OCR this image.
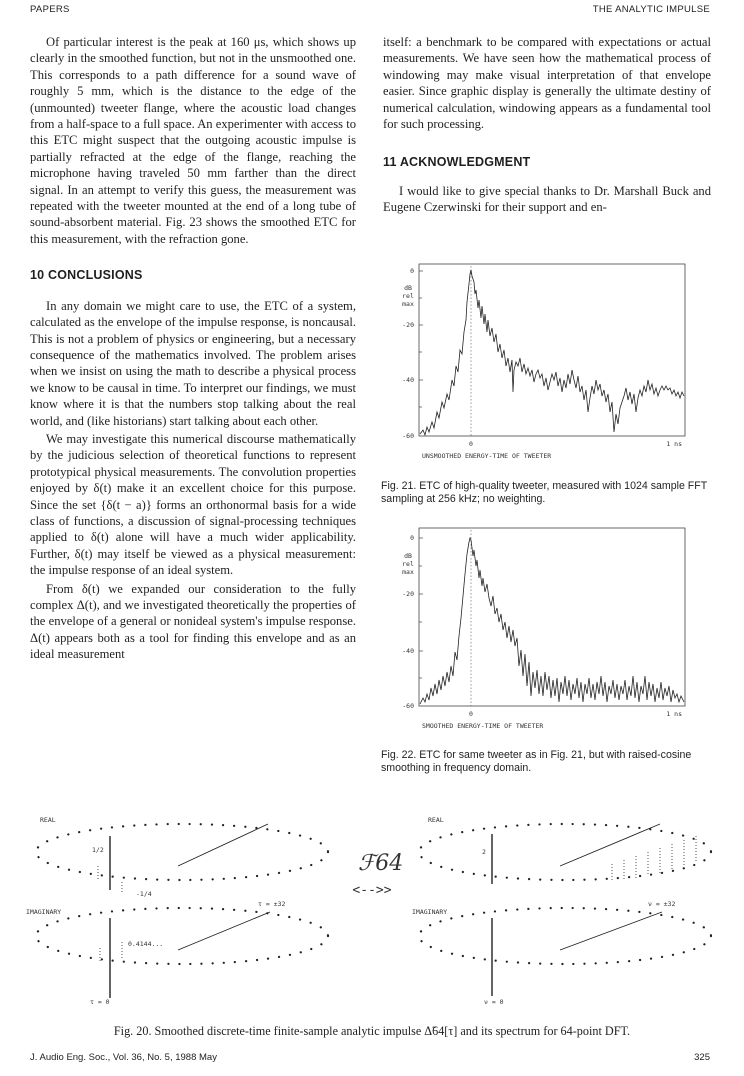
PAPERS	THE ANALYTIC IMPULSE

Of particular interest is the peak at 160 μs, which shows up clearly in the smoothed function, but not in the unsmoothed one. This corresponds to a path difference for a sound wave of roughly 5 mm, which is the distance to the edge of the (unmounted) tweeter flange, where the acoustic load changes from a half-space to a full space. An experimenter with access to this ETC might suspect that the outgoing acoustic impulse is partially refracted at the edge of the flange, reaching the microphone having traveled 50 mm farther than the direct signal. In an attempt to verify this guess, the measurement was repeated with the tweeter mounted at the end of a long tube of sound-absorbent material. Fig. 23 shows the smoothed ETC for this measurement, with the refraction gone.

10 CONCLUSIONS

In any domain we might care to use, the ETC of a system, calculated as the envelope of the impulse response, is noncausal. This is not a problem of physics or engineering, but a necessary consequence of the mathematics involved. The problem arises when we insist on using the math to describe a physical process we know to be causal in time. To interpret our findings, we must know where it is that the numbers stop talking about the real world, and (like historians) start talking about each other.

We may investigate this numerical discourse mathematically by the judicious selection of theoretical functions to represent prototypical physical measurements. The convolution properties enjoyed by δ(t) make it an excellent choice for this purpose. Since the set {δ(t − a)} forms an orthonormal basis for a wide class of functions, a discussion of signal-processing techniques applied to δ(t) alone will have a much wider applicability. Further, δ(t) may itself be viewed as a physical measurement: the impulse response of an ideal system.

From δ(t) we expanded our consideration to the fully complex Δ(t), and we investigated theoretically the properties of the envelope of a general or nonideal system's impulse response. Δ(t) appears both as a tool for finding this envelope and as an ideal measurement

itself: a benchmark to be compared with expectations or actual measurements. We have seen how the mathematical process of windowing may make visual interpretation of that envelope easier. Since graphic display is generally the ultimate destiny of numerical calculation, windowing appears as a fundamental tool for such processing.

11 ACKNOWLEDGMENT

I would like to give special thanks to Dr. Marshall Buck and Eugene Czerwinski for their support and en-

0
dB
rel
max
-20
-40
-60
0	1 ns
UNSMOOTHED ENERGY-TIME OF TWEETER
Fig. 21. ETC of high-quality tweeter, measured with 1024 sample FFT sampling at 256 kHz; no weighting.
0
dB
rel
max
-20
-40
-60
0	1 ns
SMOOTHED ENERGY-TIME OF TWEETER
Fig. 22. ETC for same tweeter as in Fig. 21, but with raised-cosine smoothing in frequency domain.
REAL
IMAGINARY
1/2
-1/4
0.4144...
τ = ±32
τ = 0
ℱ64
<-->>
REAL
IMAGINARY
2
ν = ±32
ν = 0
Fig. 20. Smoothed discrete-time finite-sample analytic impulse Δ̃64[τ] and its spectrum for 64-point DFT.
J. Audio Eng. Soc., Vol. 36, No. 5, 1988 May	325
